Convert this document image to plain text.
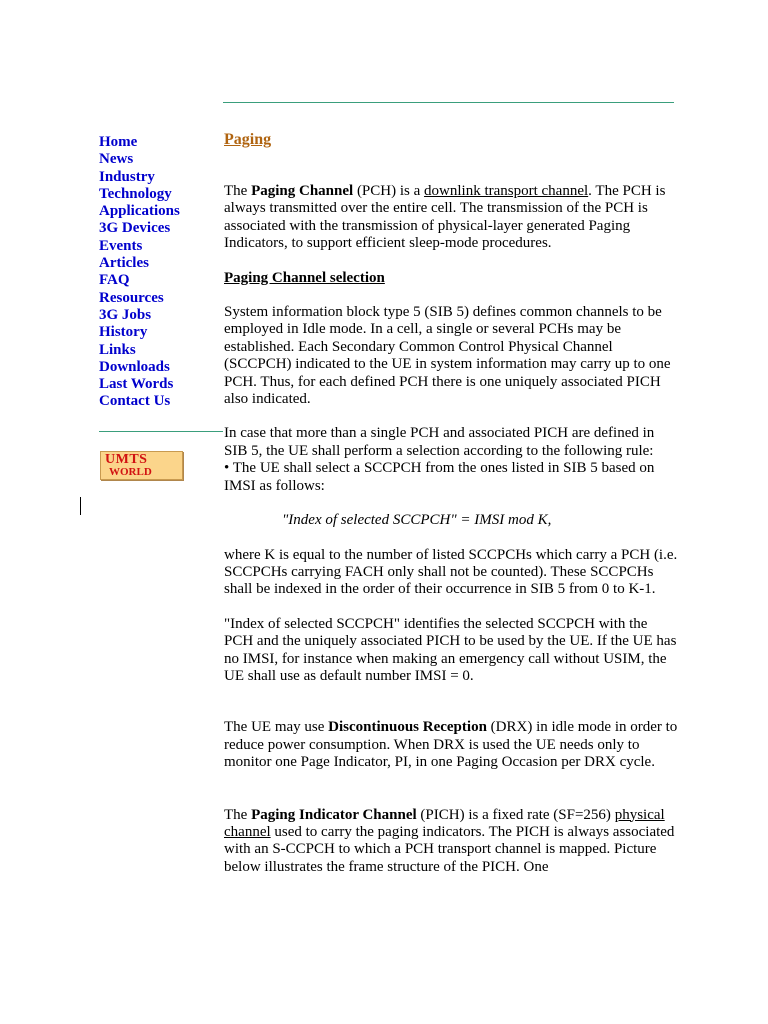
Home
News
Industry
Technology
Applications
3G Devices
Events
Articles
FAQ
Resources
3G Jobs
History
Links
Downloads
Last Words
Contact Us
UMTS
WORLD

Paging

The Paging Channel (PCH) is a downlink transport channel. The PCH is always transmitted over the entire cell. The transmission of the PCH is associated with the transmission of physical-layer generated Paging Indicators, to support efficient sleep-mode procedures.

Paging Channel selection

System information block type 5 (SIB 5) defines common channels to be employed in Idle mode. In a cell, a single or several PCHs may be established. Each Secondary Common Control Physical Channel (SCCPCH) indicated to the UE in system information may carry up to one PCH. Thus, for each defined PCH there is one uniquely associated PICH also indicated.

In case that more than a single PCH and associated PICH are defined in SIB 5, the UE shall perform a selection according to the following rule:

• The UE shall select a SCCPCH from the ones listed in SIB 5 based on IMSI as follows:

"Index of selected SCCPCH" = IMSI mod K,

where K is equal to the number of listed SCCPCHs which carry a PCH (i.e. SCCPCHs carrying FACH only shall not be counted). These SCCPCHs shall be indexed in the order of their occurrence in SIB 5 from 0 to K-1.

"Index of selected SCCPCH" identifies the selected SCCPCH with the PCH and the uniquely associated PICH to be used by the UE. If the UE has no IMSI, for instance when making an emergency call without USIM, the UE shall use as default number IMSI = 0.

The UE may use Discontinuous Reception (DRX) in idle mode in order to reduce power consumption. When DRX is used the UE needs only to monitor one Page Indicator, PI, in one Paging Occasion per DRX cycle.

The Paging Indicator Channel (PICH) is a fixed rate (SF=256) physical channel used to carry the paging indicators. The PICH is always associated with an S-CCPCH to which a PCH transport channel is mapped. Picture below illustrates the frame structure of the PICH. One
